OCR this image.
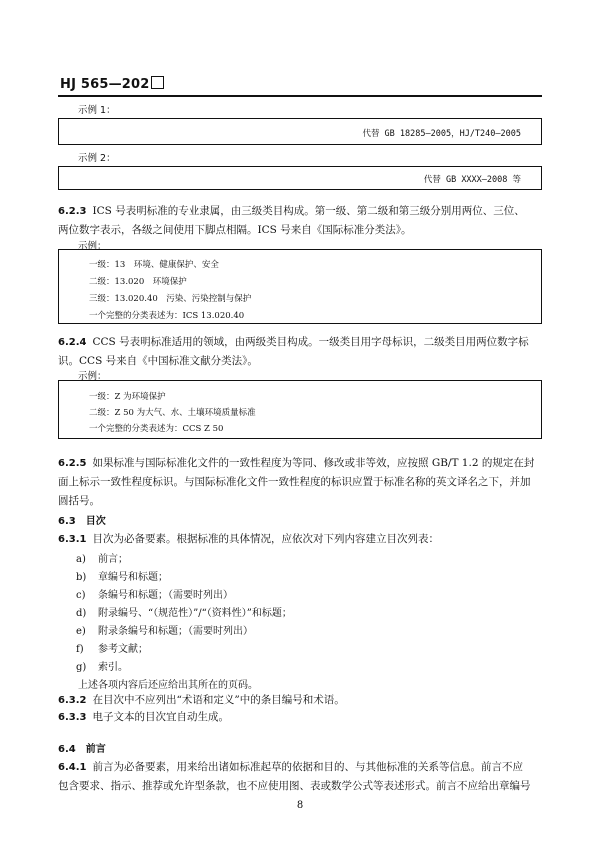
HJ 565—202
示例 1：
代替 GB 18285—2005，HJ/T240—2005
示例 2：
代替 GB XXXX—2008 等
6.2.3 ICS 号表明标准的专业隶属，由三级类目构成。第一级、第二级和第三级分别用两位、三位、
两位数字表示，各级之间使用下脚点相隔。ICS 号来自《国际标准分类法》。
示例：
一级：13　环境、健康保护、安全
二级：13.020　环境保护
三级：13.020.40　污染、污染控制与保护
一个完整的分类表述为：ICS 13.020.40
6.2.4 CCS 号表明标准适用的领域，由两级类目构成。一级类目用字母标识，二级类目用两位数字标
识。CCS 号来自《中国标准文献分类法》。
示例：
一级：Z 为环境保护
二级：Z 50 为大气、水、土壤环境质量标准
一个完整的分类表述为：CCS Z 50
6.2.5 如果标准与国际标准化文件的一致性程度为等同、修改或非等效，应按照 GB/T 1.2 的规定在封
面上标示一致性程度标识。与国际标准化文件一致性程度的标识应置于标准名称的英文译名之下，并加
圆括号。
6.3　目次
6.3.1 目次为必备要素。根据标准的具体情况，应依次对下列内容建立目次列表：
a) 前言；
b) 章编号和标题；
c) 条编号和标题；（需要时列出）
d) 附录编号、“（规范性）”/“（资料性）”和标题；
e) 附录条编号和标题；（需要时列出）
f) 参考文献；
g) 索引。
上述各项内容后还应给出其所在的页码。
6.3.2 在目次中不应列出“术语和定义”中的条目编号和术语。
6.3.3 电子文本的目次宜自动生成。
6.4　前言
6.4.1 前言为必备要素，用来给出诸如标准起草的依据和目的、与其他标准的关系等信息。前言不应
包含要求、指示、推荐或允许型条款，也不应使用图、表或数学公式等表述形式。前言不应给出章编号
8
